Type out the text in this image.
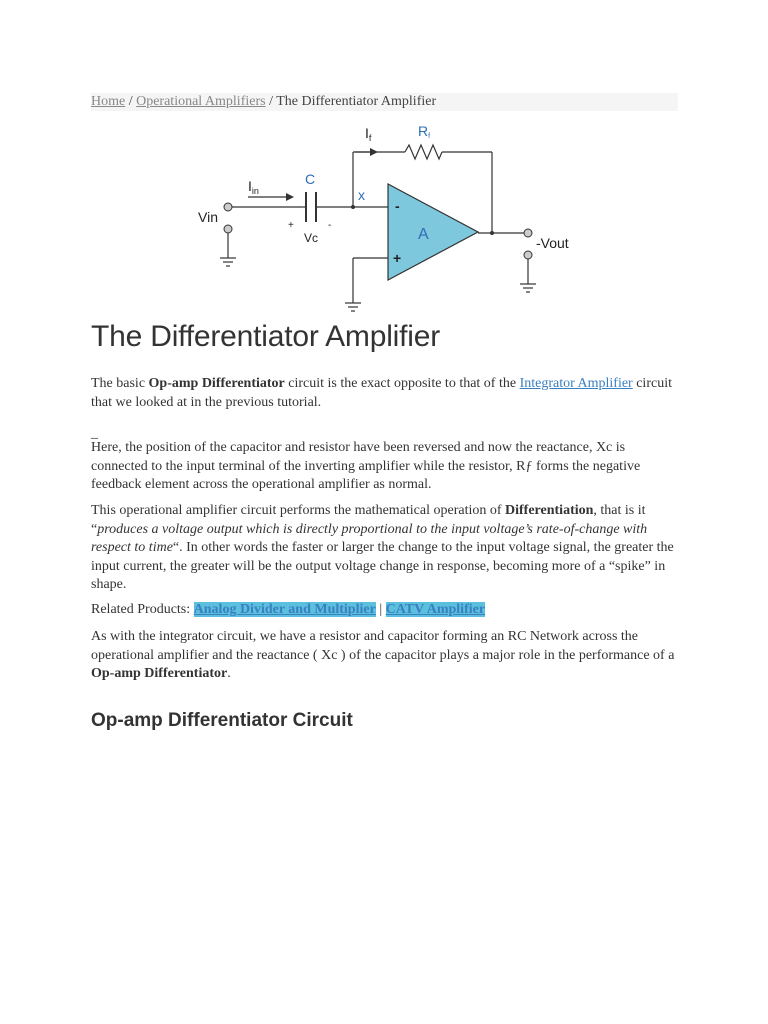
Home / Operational Amplifiers / The Differentiator Amplifier
Vin
$I_{in}$
C
Vc
+	-
x
$I_f$	Rf
A
-
+
-Vout
The Differentiator Amplifier

The basic Op-amp Differentiator circuit is the exact opposite to that of the Integrator Amplifier circuit that we looked at in the previous tutorial.

_

Here, the position of the capacitor and resistor have been reversed and now the reactance, Xc is connected to the input terminal of the inverting amplifier while the resistor, Rƒ forms the negative feedback element across the operational amplifier as normal.

This operational amplifier circuit performs the mathematical operation of Differentiation, that is it “produces a voltage output which is directly proportional to the input voltage’s rate-of-change with respect to time“. In other words the faster or larger the change to the input voltage signal, the greater the input current, the greater will be the output voltage change in response, becoming more of a “spike” in shape.

Related Products: Analog Divider and Multiplier | CATV Amplifier

As with the integrator circuit, we have a resistor and capacitor forming an RC Network across the operational amplifier and the reactance ( Xc ) of the capacitor plays a major role in the performance of a Op-amp Differentiator.

Op-amp Differentiator Circuit
